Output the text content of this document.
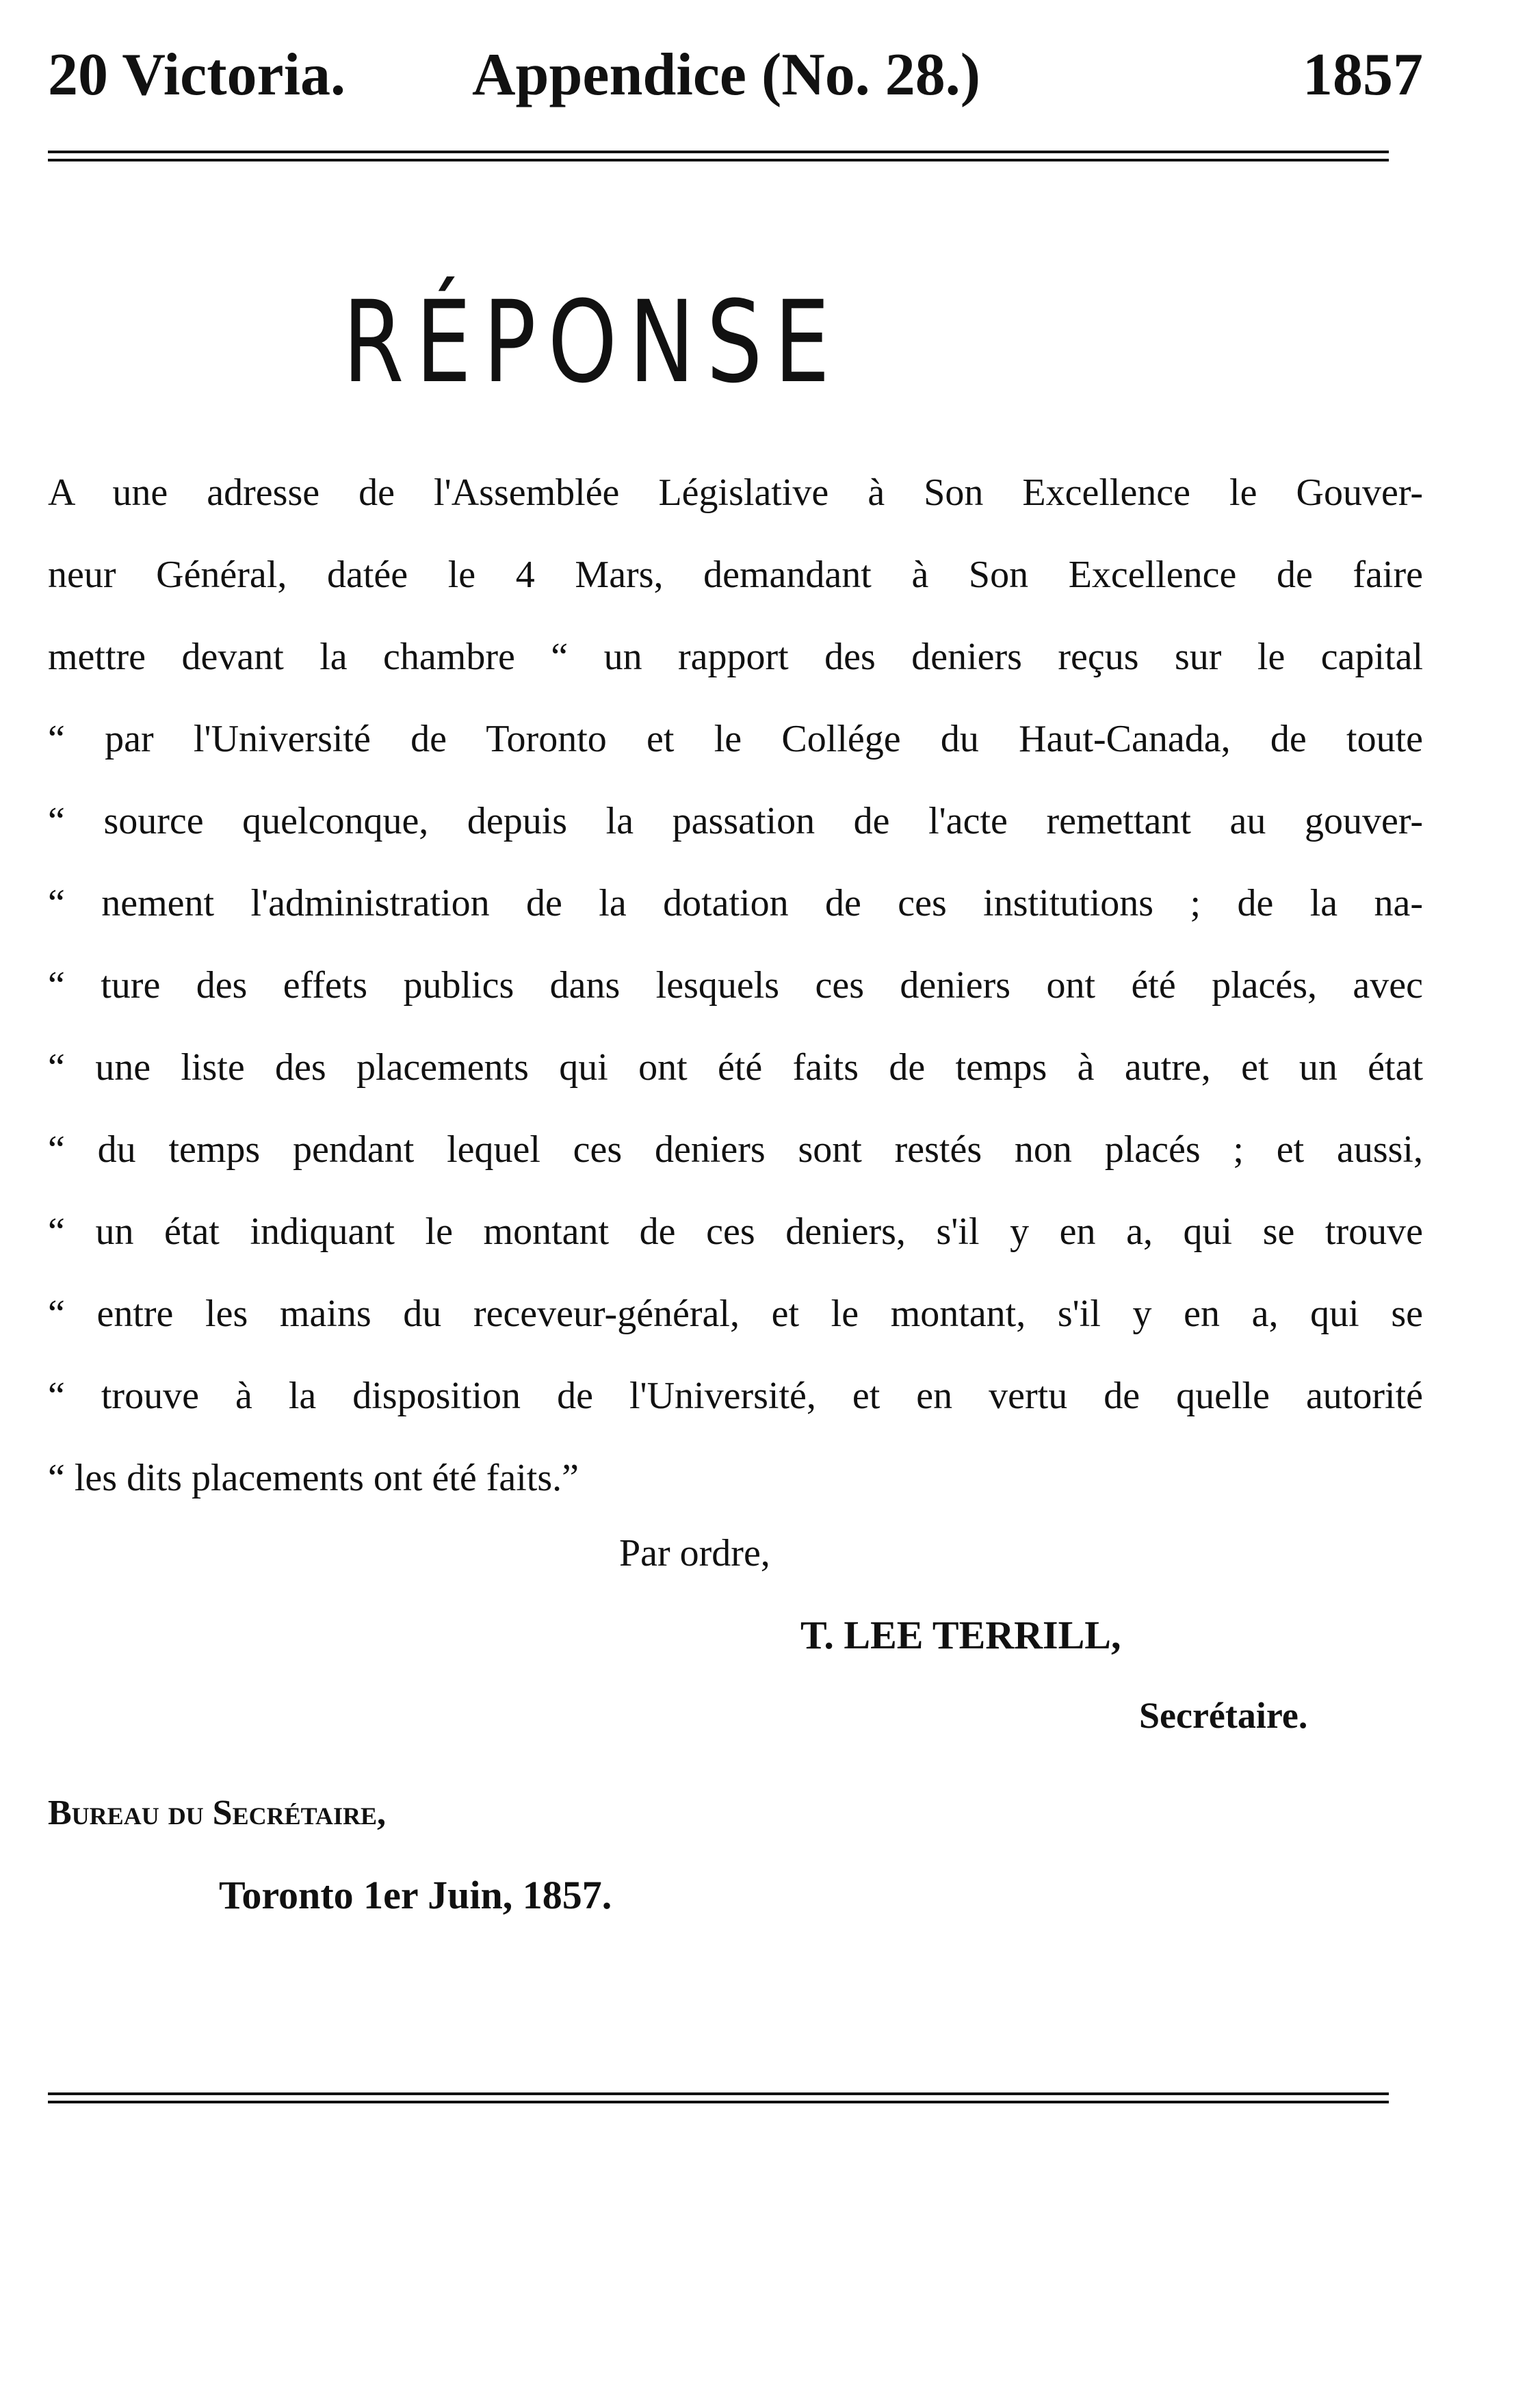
20 Victoria. Appendice (No. 28.)	1857
RÉPONSE
A une adresse de l'Assemblée Législative à Son Excellence le Gouver-
neur Général, datée le 4 Mars, demandant à Son Excellence de faire
mettre devant la chambre “ un rapport des deniers reçus sur le capital
“ par l'Université de Toronto et le Collége du Haut-Canada, de toute
“ source quelconque, depuis la passation de l'acte remettant au gouver-
“ nement l'administration de la dotation de ces institutions ; de la na-
“ ture des effets publics dans lesquels ces deniers ont été placés, avec
“ une liste des placements qui ont été faits de temps à autre, et un état
“ du temps pendant lequel ces deniers sont restés non placés ; et aussi,
“ un état indiquant le montant de ces deniers, s'il y en a, qui se trouve
“ entre les mains du receveur-général, et le montant, s'il y en a, qui se
“ trouve à la disposition de l'Université, et en vertu de quelle autorité
“ les dits placements ont été faits.”
Par ordre,
T. LEE TERRILL,
Secrétaire.
Bureau du Secrétaire,
Toronto 1er Juin, 1857.
